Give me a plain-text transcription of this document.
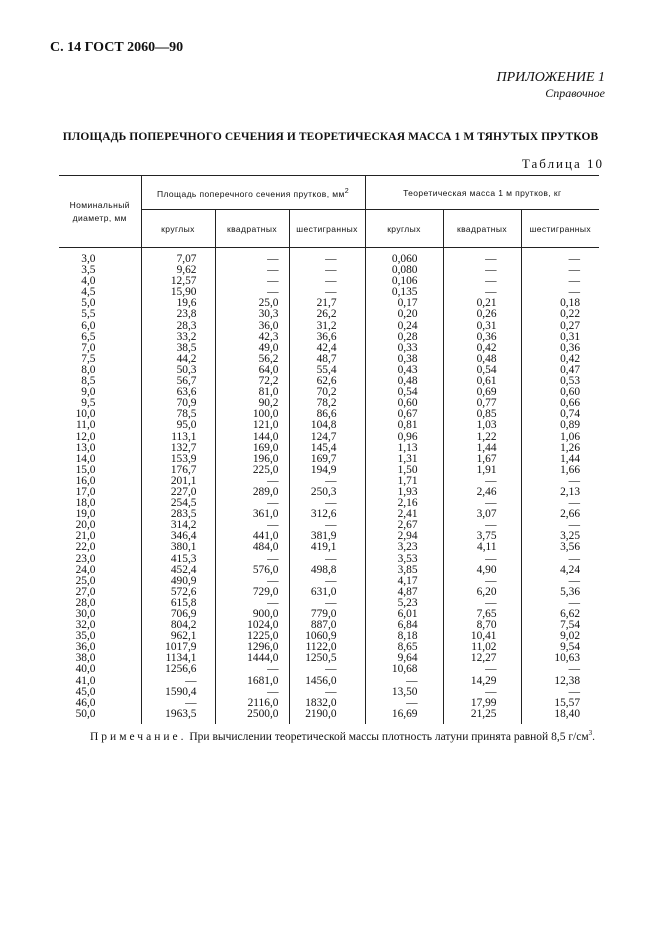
С. 14 ГОСТ 2060—90
ПРИЛОЖЕНИЕ 1
Справочное
ПЛОЩАДЬ ПОПЕРЕЧНОГО СЕЧЕНИЯ И ТЕОРЕТИЧЕСКАЯ МАССА 1 М ТЯНУТЫХ ПРУТКОВ
Таблица 10
Номинальный
диаметр, мм	Площадь поперечного сечения прутков, $мм^2$			Теоретическая масса 1 м прутков, кг		
	круглых	квадратных	шестигранных	круглых	квадратных	шестигранных
3,0	7,07	—	—	0,060	—	—
3,5	9,62	—	—	0,080	—	—
4,0	12,57	—	—	0,106	—	—
4,5	15,90	—	—	0,135	—	—
5,0	19,6	25,0	21,7	0,17	0,21	0,18
5,5	23,8	30,3	26,2	0,20	0,26	0,22
6,0	28,3	36,0	31,2	0,24	0,31	0,27
6,5	33,2	42,3	36,6	0,28	0,36	0,31
7,0	38,5	49,0	42,4	0,33	0,42	0,36
7,5	44,2	56,2	48,7	0,38	0,48	0,42
8,0	50,3	64,0	55,4	0,43	0,54	0,47
8,5	56,7	72,2	62,6	0,48	0,61	0,53
9,0	63,6	81,0	70,2	0,54	0,69	0,60
9,5	70,9	90,2	78,2	0,60	0,77	0,66
10,0	78,5	100,0	86,6	0,67	0,85	0,74
11,0	95,0	121,0	104,8	0,81	1,03	0,89
12,0	113,1	144,0	124,7	0,96	1,22	1,06
13,0	132,7	169,0	145,4	1,13	1,44	1,26
14,0	153,9	196,0	169,7	1,31	1,67	1,44
15,0	176,7	225,0	194,9	1,50	1,91	1,66
16,0	201,1	—	—	1,71	—	—
17,0	227,0	289,0	250,3	1,93	2,46	2,13
18,0	254,5	—	—	2,16	—	—
19,0	283,5	361,0	312,6	2,41	3,07	2,66
20,0	314,2	—	—	2,67	—	—
21,0	346,4	441,0	381,9	2,94	3,75	3,25
22,0	380,1	484,0	419,1	3,23	4,11	3,56
23,0	415,3	—	—	3,53	—	—
24,0	452,4	576,0	498,8	3,85	4,90	4,24
25,0	490,9	—	—	4,17	—	—
27,0	572,6	729,0	631,0	4,87	6,20	5,36
28,0	615,8	—	—	5,23	—	—
30,0	706,9	900,0	779,0	6,01	7,65	6,62
32,0	804,2	1024,0	887,0	6,84	8,70	7,54
35,0	962,1	1225,0	1060,9	8,18	10,41	9,02
36,0	1017,9	1296,0	1122,0	8,65	11,02	9,54
38,0	1134,1	1444,0	1250,5	9,64	12,27	10,63
40,0	1256,6	—	—	10,68	—	—
41,0	—	1681,0	1456,0	—	14,29	12,38
45,0	1590,4	—	—	13,50	—	—
46,0	—	2116,0	1832,0	—	17,99	15,57
50,0	1963,5	2500,0	2190,0	16,69	21,25	18,40
Примечание. При вычислении теоретической массы плотность латуни принята равной 8,5 $г/см^3$.
